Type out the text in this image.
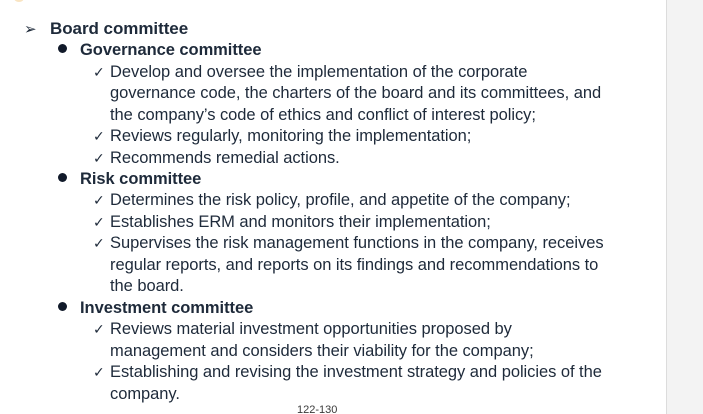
➢ Board committee
Governance committee
✓ Develop and oversee the implementation of the corporate
governance code, the charters of the board and its committees, and
the company’s code of ethics and conflict of interest policy;
✓ Reviews regularly, monitoring the implementation;
✓ Recommends remedial actions.
Risk committee
✓ Determines the risk policy, profile, and appetite of the company;
✓ Establishes ERM and monitors their implementation;
✓ Supervises the risk management functions in the company, receives
regular reports, and reports on its findings and recommendations to
the board.
Investment committee
✓ Reviews material investment opportunities proposed by
management and considers their viability for the company;
✓ Establishing and revising the investment strategy and policies of the
company.
122-130
